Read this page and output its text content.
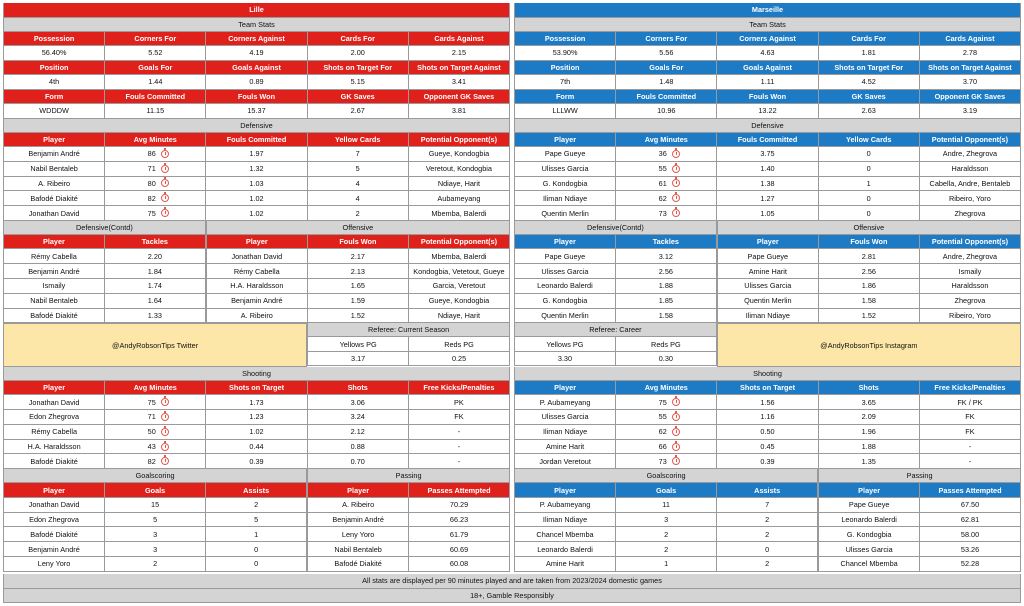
Lille
Team Stats
Possession	Corners For	Corners Against	Cards For	Cards Against
56.40%	5.52	4.19	2.00	2.15
Position	Goals For	Goals Against	Shots on Target For	Shots on Target Against
4th	1.44	0.89	5.15	3.41
Form	Fouls Committed	Fouls Won	GK Saves	Opponent GK Saves
WDDDW	11.15	15.37	2.67	3.81
Defensive
Player	Avg Minutes	Fouls Committed	Yellow Cards	Potential Opponent(s)
Benjamin André	86	1.97	7	Gueye, Kondogbia
Nabil Bentaleb	71	1.32	5	Veretout, Kondogbia
A. Ribeiro	80	1.03	4	Ndiaye, Harit
Bafodé Diakité	82	1.02	4	Aubameyang
Jonathan David	75	1.02	2	Mbemba, Balerdi
Defensive(Contd)
Player	Tackles
Rémy Cabella	2.20
Benjamin André	1.84
Ismaily	1.74
Nabil Bentaleb	1.64
Bafodé Diakité	1.33
Offensive
Player	Fouls Won	Potential Opponent(s)
Jonathan David	2.17	Mbemba, Balerdi
Rémy Cabella	2.13	Kondogbia, Vetetout, Gueye
H.A. Haraldsson	1.65	Garcia, Veretout
Benjamin André	1.59	Gueye, Kondogbia
A. Ribeiro	1.52	Ndiaye, Harit
@AndyRobsonTips Twitter
Referee: Current Season
Yellows PG	Reds PG
3.17	0.25
Shooting
Player	Avg Minutes	Shots on Target	Shots	Free Kicks/Penalties
Jonathan David	75	1.73	3.06	PK
Edon Zhegrova	71	1.23	3.24	FK
Rémy Cabella	50	1.02	2.12	-
H.A. Haraldsson	43	0.44	0.88	-
Bafodé Diakité	82	0.39	0.70	-
Goalscoring
Player	Goals	Assists
Jonathan David	15	2
Edon Zhegrova	5	5
Bafodé Diakité	3	1
Benjamin André	3	0
Leny Yoro	2	0
Passing
Player	Passes Attempted
A. Ribeiro	70.29
Benjamin André	66.23
Leny Yoro	61.79
Nabil Bentaleb	60.69
Bafodé Diakité	60.08
Marseille
Team Stats
Possession	Corners For	Corners Against	Cards For	Cards Against
53.90%	5.56	4.63	1.81	2.78
Position	Goals For	Goals Against	Shots on Target For	Shots on Target Against
7th	1.48	1.11	4.52	3.70
Form	Fouls Committed	Fouls Won	GK Saves	Opponent GK Saves
LLLWW	10.96	13.22	2.63	3.19
Defensive
Player	Avg Minutes	Fouls Committed	Yellow Cards	Potential Opponent(s)
Pape Gueye	36	3.75	0	Andre, Zhegrova
Ulisses Garcia	55	1.40	0	Haraldsson
G. Kondogbia	61	1.38	1	Cabella, Andre, Bentaleb
Iliman Ndiaye	62	1.27	0	Ribeiro, Yoro
Quentin Merlin	73	1.05	0	Zhegrova
Defensive(Contd)
Player	Tackles
Pape Gueye	3.12
Ulisses Garcia	2.56
Leonardo Balerdi	1.88
G. Kondogbia	1.85
Quentin Merlin	1.58
Offensive
Player	Fouls Won	Potential Opponent(s)
Pape Gueye	2.81	Andre, Zhegrova
Amine Harit	2.56	Ismaily
Ulisses Garcia	1.86	Haraldsson
Quentin Merlin	1.58	Zhegrova
Iliman Ndiaye	1.52	Ribeiro, Yoro
Referee: Career
Yellows PG	Reds PG
3.30	0.30
@AndyRobsonTips Instagram
Shooting
Player	Avg Minutes	Shots on Target	Shots	Free Kicks/Penalties
P. Aubameyang	75	1.56	3.65	FK / PK
Ulisses Garcia	55	1.16	2.09	FK
Iliman Ndiaye	62	0.50	1.96	FK
Amine Harit	66	0.45	1.88	-
Jordan Veretout	73	0.39	1.35	-
Goalscoring
Player	Goals	Assists
P. Aubameyang	11	7
Iliman Ndiaye	3	2
Chancel Mbemba	2	2
Leonardo Balerdi	2	0
Amine Harit	1	2
Passing
Player	Passes Attempted
Pape Gueye	67.50
Leonardo Balerdi	62.81
G. Kondogbia	58.00
Ulisses Garcia	53.26
Chancel Mbemba	52.28
All stats are displayed per 90 minutes played and are taken from 2023/2024 domestic games
18+, Gamble Responsibly
